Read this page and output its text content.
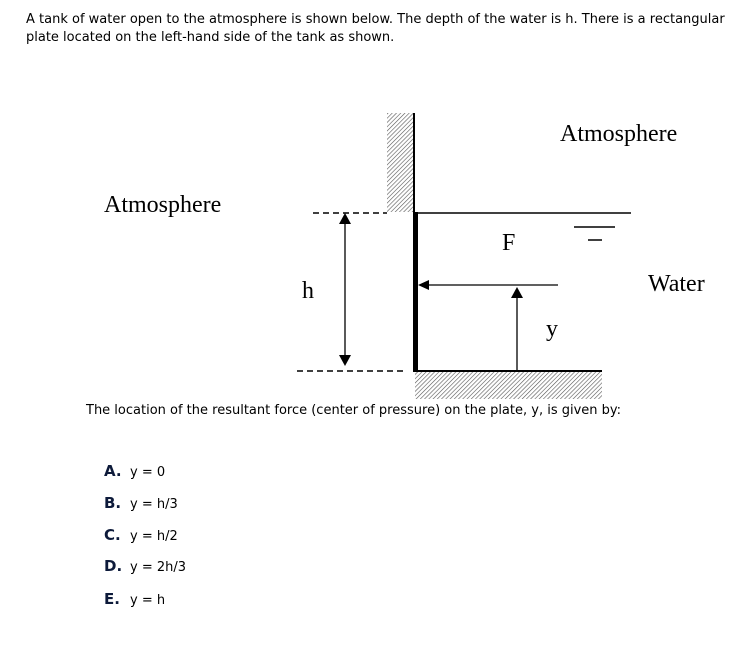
A tank of water open to the atmosphere is shown below. The depth of the water is h. There is a rectangular plate located on the left-hand side of the tank as shown.
Atmosphere
Atmosphere
Water
h
F
y
The location of the resultant force (center of pressure) on the plate, y, is given by:
A. y = 0
B. y = h/3
C. y = h/2
D. y = 2h/3
E. y = h
